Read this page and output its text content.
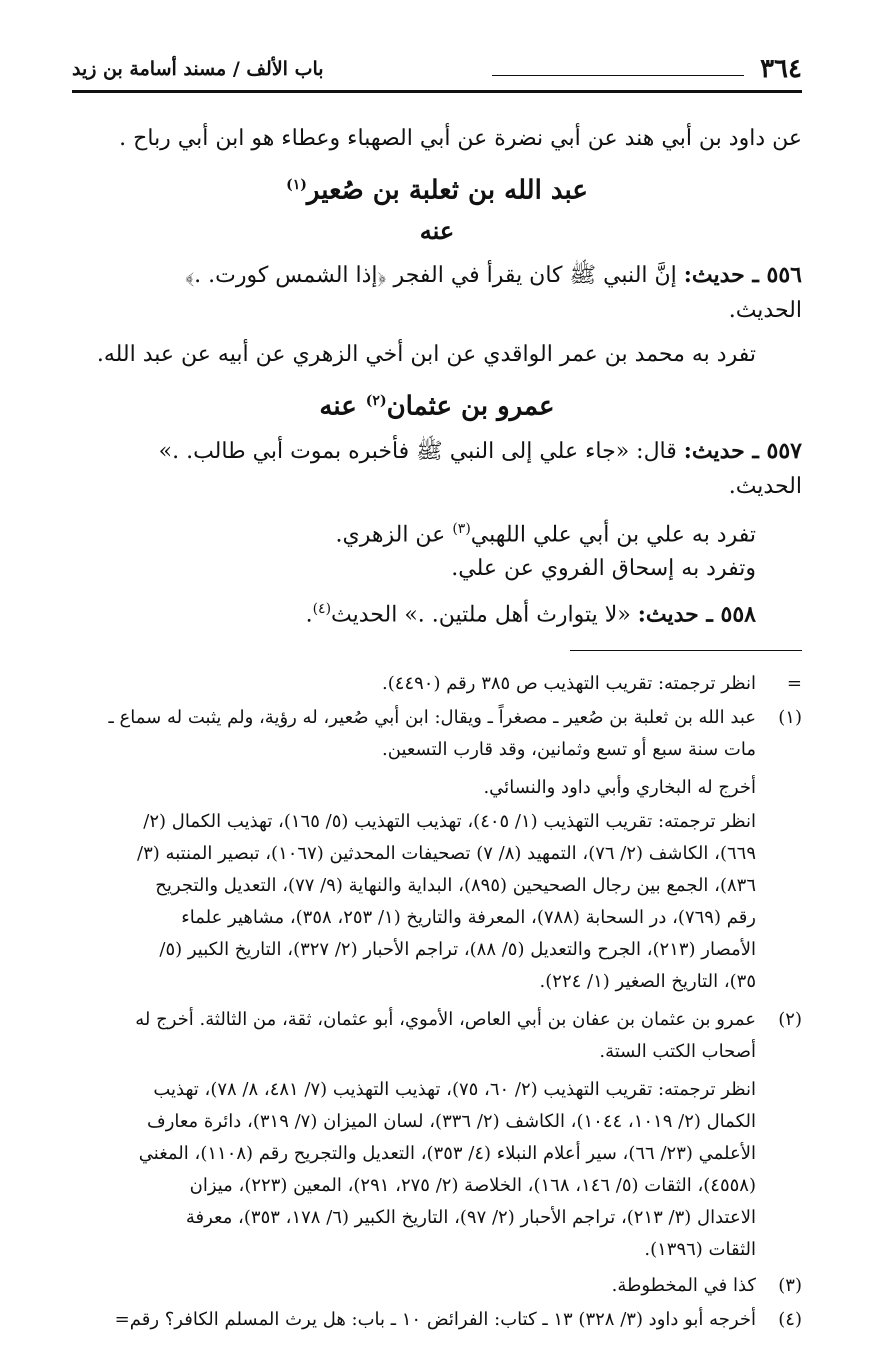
٣٦٤
باب الألف / مسند أسامة بن زيد
عن داود بن أبي هند عن أبي نضرة عن أبي الصهباء وعطاء هو ابن أبي رباح .
عبد الله بن ثعلبة بن صُعير$^{(١)}$
عنه
٥٥٦ ـ حديث: إنَّ النبي ﷺ كان يقرأ في الفجر ﴿إذا الشمس كورت. .﴾
الحديث.
تفرد به محمد بن عمر الواقدي عن ابن أخي الزهري عن أبيه عن عبد الله.
عمرو بن عثمان$^{(٢)}$ عنه
٥٥٧ ـ حديث: قال: «جاء علي إلى النبي ﷺ فأخبره بموت أبي طالب. .»
الحديث.
تفرد به علي بن أبي علي اللهبي$^{(٣)}$ عن الزهري.
وتفرد به إسحاق الفروي عن علي.
٥٥٨ ـ حديث: «لا يتوارث أهل ملتين. .» الحديث$^{(٤)}$.
=
انظر ترجمته: تقريب التهذيب ص ٣٨٥ رقم (٤٤٩٠).
(١)
عبد الله بن ثعلبة بن صُعير ـ مصغراً ـ ويقال: ابن أبي صُعير، له رؤية، ولم يثبت له سماع ـ
مات سنة سبع أو تسع وثمانين، وقد قارب التسعين.
أخرج له البخاري وأبي داود والنسائي.
انظر ترجمته: تقريب التهذيب (١/ ٤٠٥)، تهذيب التهذيب (٥/ ١٦٥)، تهذيب الكمال (٢/
٦٦٩)، الكاشف (٢/ ٧٦)، التمهيد (٨/ ٧) تصحيفات المحدثين (١٠٦٧)، تبصير المنتبه (٣/
٨٣٦)، الجمع بين رجال الصحيحين (٨٩٥)، البداية والنهاية (٩/ ٧٧)، التعديل والتجريح
رقم (٧٦٩)، در السحابة (٧٨٨)، المعرفة والتاريخ (١/ ٢٥٣، ٣٥٨)، مشاهير علماء
الأمصار (٢١٣)، الجرح والتعديل (٥/ ٨٨)، تراجم الأحبار (٢/ ٣٢٧)، التاريخ الكبير (٥/
٣٥)، التاريخ الصغير (١/ ٢٢٤).
(٢)
عمرو بن عثمان بن عفان بن أبي العاص، الأموي، أبو عثمان، ثقة، من الثالثة. أخرج له
أصحاب الكتب الستة.
انظر ترجمته: تقريب التهذيب (٢/ ٦٠، ٧٥)، تهذيب التهذيب (٧/ ٤٨١، ٨/ ٧٨)، تهذيب
الكمال (٢/ ١٠١٩، ١٠٤٤)، الكاشف (٢/ ٣٣٦)، لسان الميزان (٧/ ٣١٩)، دائرة معارف
الأعلمي (٢٣/ ٦٦)، سير أعلام النبلاء (٤/ ٣٥٣)، التعديل والتجريح رقم (١١٠٨)، المغني
(٤٥٥٨)، الثقات (٥/ ١٤٦، ١٦٨)، الخلاصة (٢/ ٢٧٥، ٢٩١)، المعين (٢٢٣)، ميزان
الاعتدال (٣/ ٢١٣)، تراجم الأحبار (٢/ ٩٧)، التاريخ الكبير (٦/ ١٧٨، ٣٥٣)، معرفة
الثقات (١٣٩٦).
(٣)
كذا في المخطوطة.
(٤)
أخرجه أبو داود (٣/ ٣٢٨) ١٣ ـ كتاب: الفرائض ١٠ ـ باب: هل يرث المسلم الكافر؟ رقم=
